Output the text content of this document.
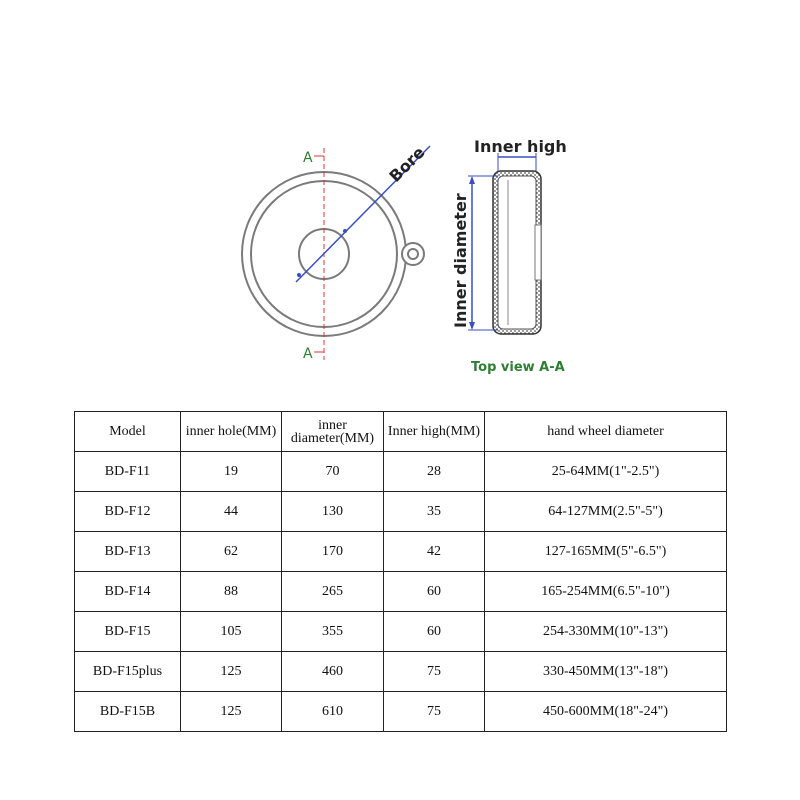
A
A
Bore	Inner high
Inner diameter
Top view A-A
Model	inner hole(MM)	inner diameter(MM)	Inner high(MM)	hand wheel diameter
BD-F11	19	70	28	25-64MM(1"-2.5")
BD-F12	44	130	35	64-127MM(2.5"-5")
BD-F13	62	170	42	127-165MM(5"-6.5")
BD-F14	88	265	60	165-254MM(6.5"-10")
BD-F15	105	355	60	254-330MM(10"-13")
BD-F15plus	125	460	75	330-450MM(13"-18")
BD-F15B	125	610	75	450-600MM(18"-24")
